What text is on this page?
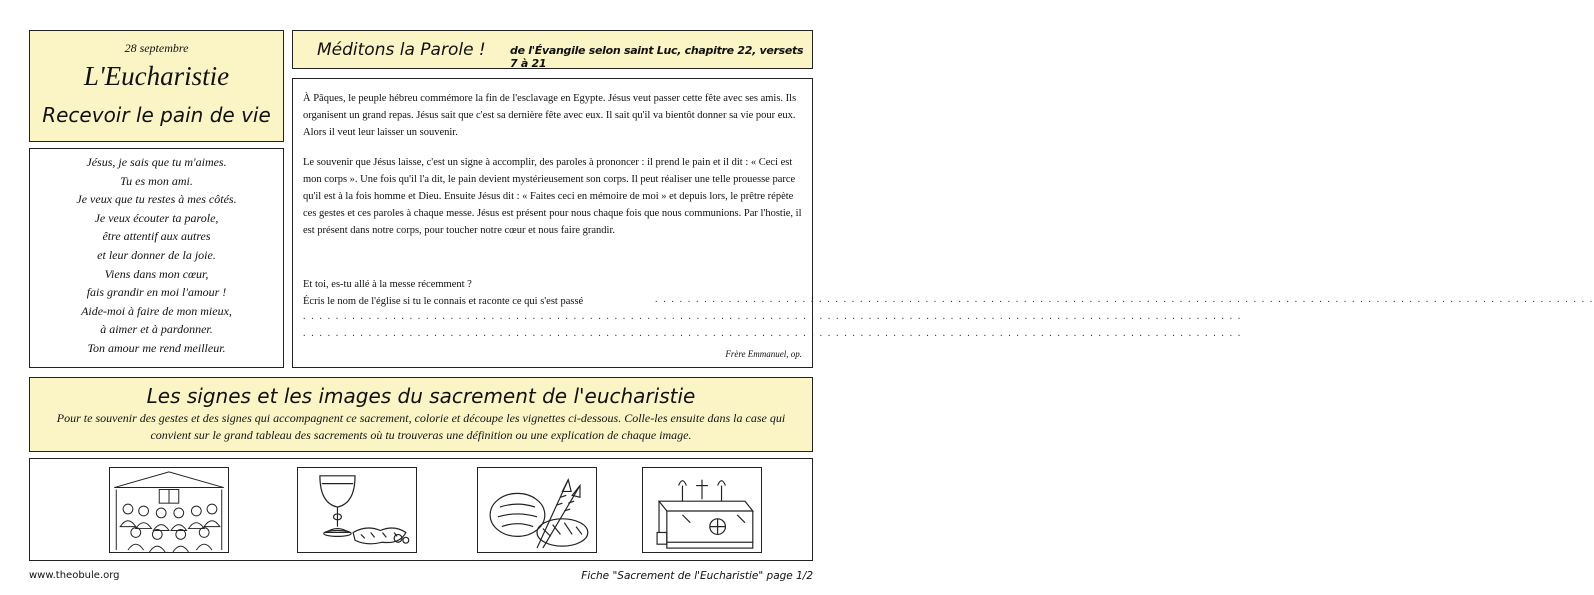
28 septembre
L'Eucharistie
Recevoir le pain de vie
Jésus, je sais que tu m'aimes.
Tu es mon ami.
Je veux que tu restes à mes côtés.
Je veux écouter ta parole,
être attentif aux autres
et leur donner de la joie.
Viens dans mon cœur,
fais grandir en moi l'amour !
Aide-moi à faire de mon mieux,
à aimer et à pardonner.
Ton amour me rend meilleur.
Méditons la Parole ! de l'Évangile selon saint Luc, chapitre 22, versets 7 à 21

À Pâques, le peuple hébreu commémore la fin de l'esclavage en Egypte. Jésus veut passer cette fête avec ses amis. Ils organisent un grand repas. Jésus sait que c'est sa dernière fête avec eux. Il sait qu'il va bientôt donner sa vie pour eux. Alors il veut leur laisser un souvenir.

Le souvenir que Jésus laisse, c'est un signe à accomplir, des paroles à prononcer : il prend le pain et il dit : « Ceci est mon corps ». Une fois qu'il l'a dit, le pain devient mystérieusement son corps. Il peut réaliser une telle prouesse parce qu'il est à la fois homme et Dieu. Ensuite Jésus dit : « Faites ceci en mémoire de moi » et depuis lors, le prêtre répète ces gestes et ces paroles à chaque messe. Jésus est présent pour nous chaque fois que nous communions. Par l'hostie, il est présent dans notre corps, pour toucher notre cœur et nous faire grandir.

Et toi, es-tu allé à la messe récemment ?
Écris le nom de l'église si tu le connais et raconte ce qui s'est passé	. . . . . . . . . . . . . . . . . . . . . . . . . . . . . . . . . . . . . . . . . . . . . . . . . . . . . . . . . . . . . . . . . . . . . . . . . . . . . . . . . . . . . . . . . . . . . . . . . . . . . . . . . . . . . . . . . . .
. . . . . . . . . . . . . . . . . . . . . . . . . . . . . . . . . . . . . . . . . . . . . . . . . . . . . . . . . . . . . . . . . . . . . . . . . . . . . . . . . . . . . . . . . . . . . . . . . . . . . . . . . . . . . . . . . . .
. . . . . . . . . . . . . . . . . . . . . . . . . . . . . . . . . . . . . . . . . . . . . . . . . . . . . . . . . . . . . . . . . . . . . . . . . . . . . . . . . . . . . . . . . . . . . . . . . . . . . . . . . . . . . . . . . . .
Frère Emmanuel, op.
Les signes et les images du sacrement de l'eucharistie

Pour te souvenir des gestes et des signes qui accompagnent ce sacrement, colorie et découpe les vignettes ci-dessous. Colle-les ensuite dans la case qui convient sur le grand tableau des sacrements où tu trouveras une définition ou une explication de chaque image.

www.theobule.org	Fiche "Sacrement de l'Eucharistie" page 1/2
